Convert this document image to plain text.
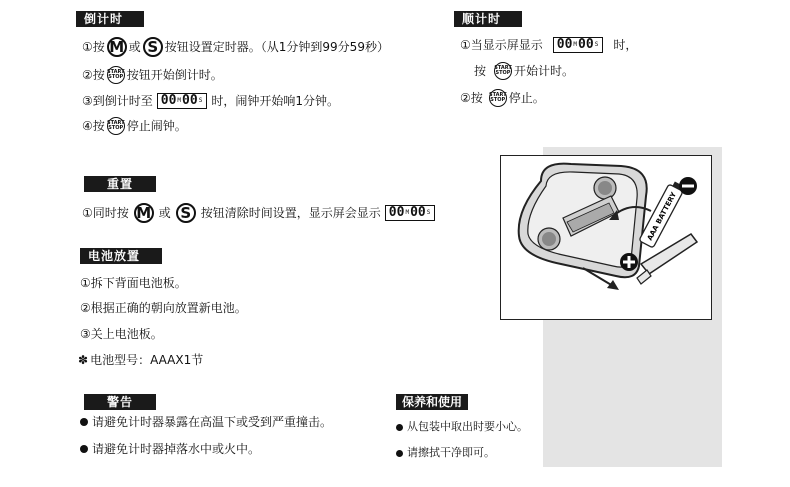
倒计时
①按 M 或 S 按钮设置定时器。（从1分钟到99分59秒）
②按 START
STOP 按钮开始倒计时。
③到倒计时至 00 M 00 S 时，闹钟开始响1分钟。
④按 START
STOP 停止闹钟。
顺计时
①当显示屏显示 00 M 00 S 时，
按 START
STOP 开始计时。
②按 START
STOP 停止。
重置
①同时按 M 或 S 按钮清除时间设置，显示屏会显示 00 M 00 S
电池放置
①拆下背面电池板。
②根据正确的朝向放置新电池。
③关上电池板。
✽ 电池型号：AAAX1节
警告
请避免计时器暴露在高温下或受到严重撞击。
请避免计时器掉落水中或火中。
保养和使用
从包装中取出时要小心。
请擦拭干净即可。
AAA BATTERY
